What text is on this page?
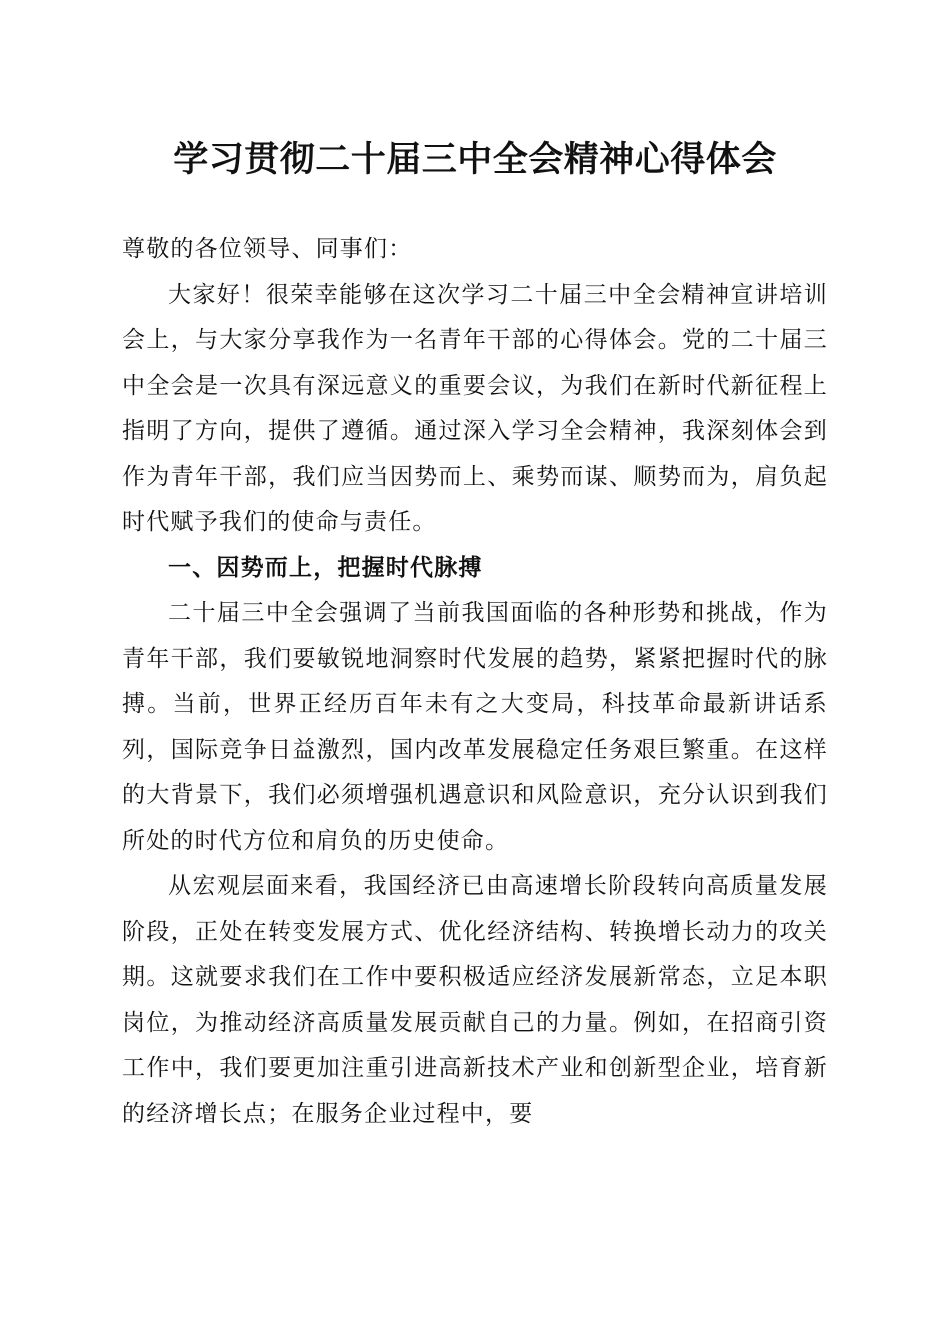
学习贯彻二十届三中全会精神心得体会

尊敬的各位领导、同事们：

大家好！很荣幸能够在这次学习二十届三中全会精神宣讲培训会上，与大家分享我作为一名青年干部的心得体会。党的二十届三中全会是一次具有深远意义的重要会议，为我们在新时代新征程上指明了方向，提供了遵循。通过深入学习全会精神，我深刻体会到作为青年干部，我们应当因势而上、乘势而谋、顺势而为，肩负起时代赋予我们的使命与责任。

一、因势而上，把握时代脉搏

二十届三中全会强调了当前我国面临的各种形势和挑战，作为青年干部，我们要敏锐地洞察时代发展的趋势，紧紧把握时代的脉搏。当前，世界正经历百年未有之大变局，科技革命最新讲话系列，国际竞争日益激烈，国内改革发展稳定任务艰巨繁重。在这样的大背景下，我们必须增强机遇意识和风险意识，充分认识到我们所处的时代方位和肩负的历史使命。

从宏观层面来看，我国经济已由高速增长阶段转向高质量发展阶段，正处在转变发展方式、优化经济结构、转换增长动力的攻关期。这就要求我们在工作中要积极适应经济发展新常态，立足本职岗位，为推动经济高质量发展贡献自己的力量。例如，在招商引资工作中，我们要更加注重引进高新技术产业和创新型企业，培育新的经济增长点；在服务企业过程中，要
